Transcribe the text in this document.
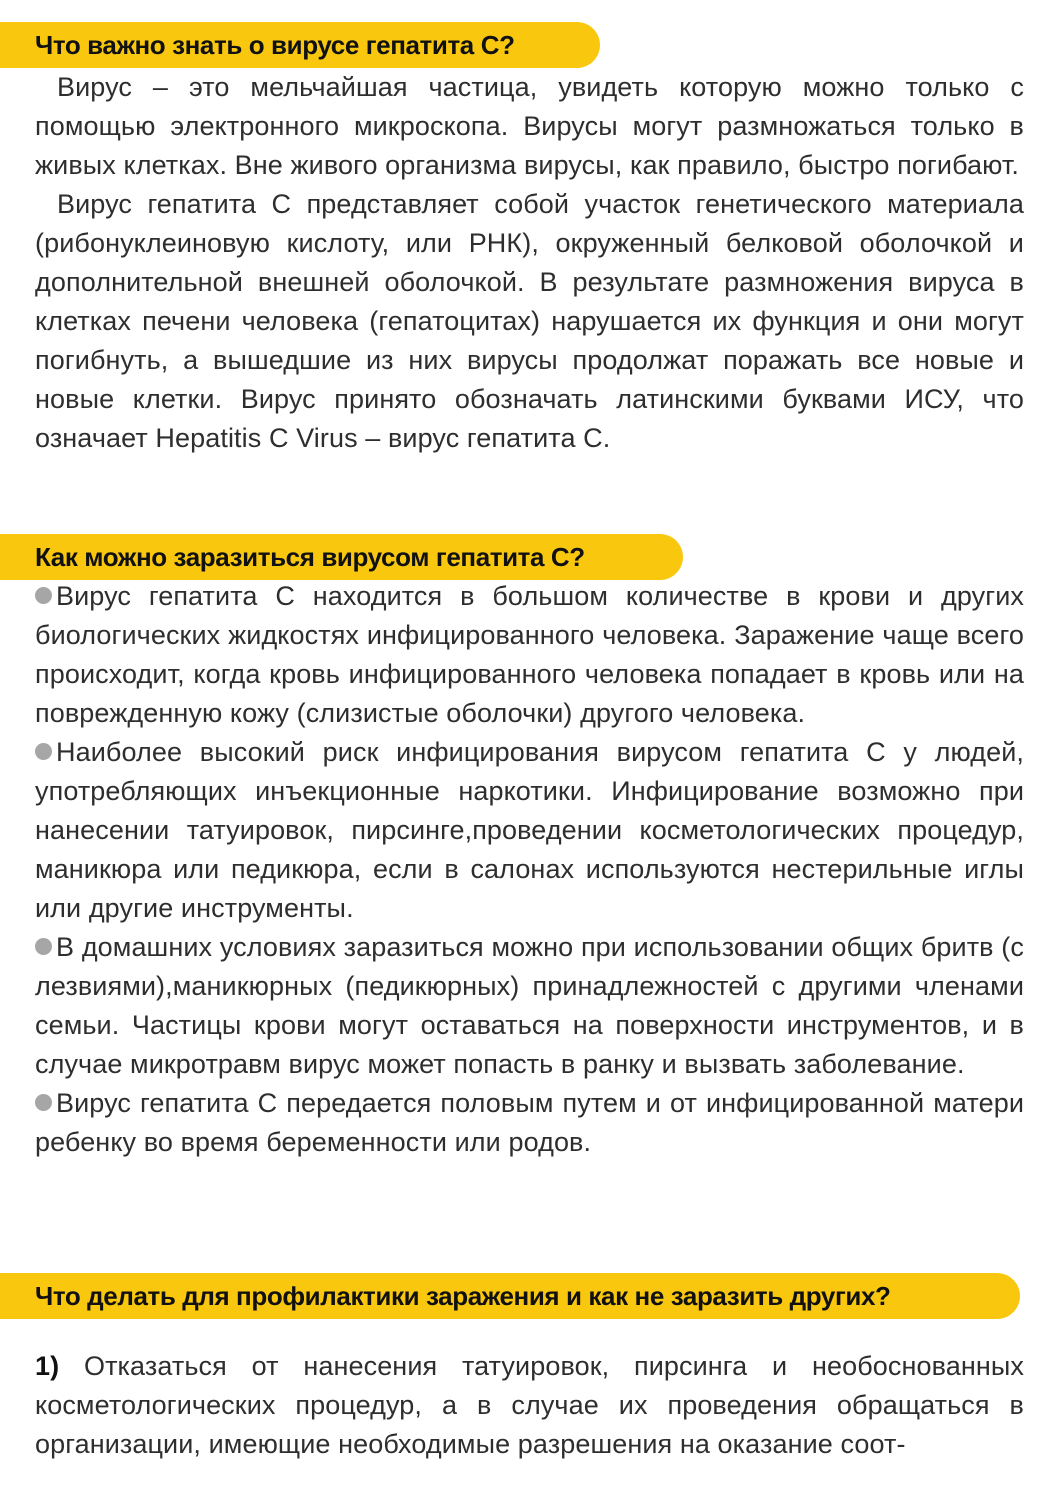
Что важно знать о вирусе гепатита С?

Вирус – это мельчайшая частица, увидеть которую можно только с помощью электронного микроскопа. Вирусы могут размножаться только в живых клетках. Вне живого организма вирусы, как правило, быстро погибают.

Вирус гепатита С представляет собой участок генетического материала (рибонуклеиновую кислоту, или РНК), окруженный белковой оболочкой и дополнительной внешней оболочкой. В результате размножения вируса в клетках печени человека (гепатоцитах) нарушается их функция и они могут погибнуть, а вышедшие из них вирусы продолжат поражать все новые и новые клетки. Вирус принято обозначать латинскими буквами ИСУ, что означает Hepatitis C Virus – вирус гепатита С.

Как можно заразиться вирусом гепатита С?

Вирус гепатита С находится в большом количестве в крови и других биологических жидкостях инфицированного человека. Заражение чаще всего происходит, когда кровь инфицированного человека попадает в кровь или на поврежденную кожу (слизистые оболочки) другого человека.

Наиболее высокий риск инфицирования вирусом гепатита С у людей, употребляющих инъекционные наркотики. Инфицирование возможно при нанесении татуировок, пирсинге,проведении косметологических процедур, маникюра или педикюра, если в салонах используются нестерильные иглы или другие инструменты.

В домашних условиях заразиться можно при использовании общих бритв (с лезвиями),маникюрных (педикюрных) принадлежностей с другими членами семьи. Частицы крови могут оставаться на поверхности инструментов, и в случае микротравм вирус может попасть в ранку и вызвать заболевание.

Вирус гепатита С передается половым путем и от инфицированной матери ребенку во время беременности или родов.

Что делать для профилактики заражения и как не заразить других?

1) Отказаться от нанесения татуировок, пирсинга и необоснованных косметологических процедур, а в случае их проведения обращаться в организации, имеющие необходимые разрешения на оказание соот-
